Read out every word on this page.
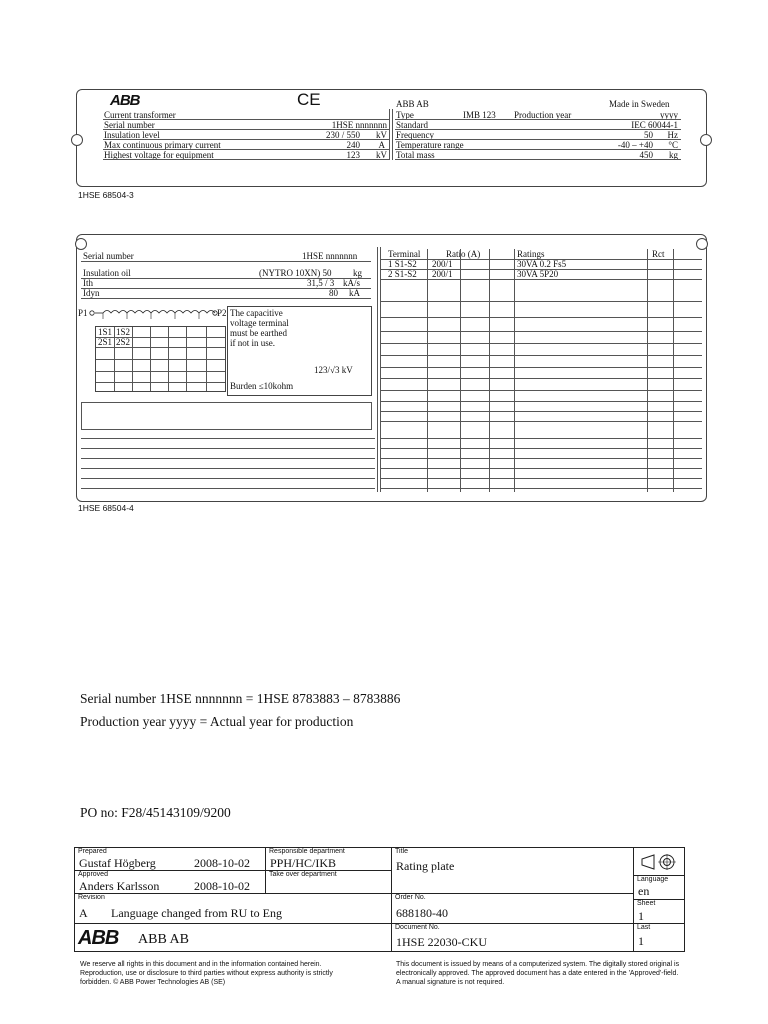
ABB	CE	ABB AB	Made in Sweden
Current transformer
Serial number	1HSE nnnnnnn
Insulation level	230 / 550 kV
Max continuous primary current	240 A
Highest voltage for equipment	123 kV
Type	IMB 123 Production year	yyyy
Standard	IEC 60044-1
Frequency	50 Hz
Temperature range	-40 – +40 °C
Total mass	450 kg
1HSE 68504-3
Serial number	1HSE nnnnnnn
Insulation oil	(NYTRO 10XN) 50 kg
Ith	31,5 / 3 kA/s
Idyn	80 kA
P1	P2
1S1 1S2
2S1 2S2
The capacitive
voltage terminal
must be earthed
if not in use.
123/√3 kV
Burden ≤10kohm
Terminal	Ratio (A)	Ratings	Rct
1 S1-S2 200/1	30VA 0.2 Fs5
2 S1-S2 200/1	30VA 5P20
1HSE 68504-4
Serial number 1HSE nnnnnnn = 1HSE 8783883 – 8783886
Production year yyyy = Actual year for production
PO no: F28/45143109/9200
Prepared
Gustaf Högberg	2008-10-02
Responsible department
PPH/HC/IKB
Title
Rating plate
Approved
Anders Karlsson	2008-10-02
Take over department
Language
en
Revision
A Language changed from RU to Eng
Order No.
688180-40
Sheet
1
ABB ABB AB
Document No.
1HSE 22030-CKU
Last
1
We reserve all rights in this document and in the information contained herein. Reproduction, use or disclosure to third parties without express authority is strictly forbidden. © ABB Power Technologies AB (SE)
This document is issued by means of a computerized system. The digitally stored original is electronically approved. The approved document has a date entered in the 'Approved'-field. A manual signature is not required.
